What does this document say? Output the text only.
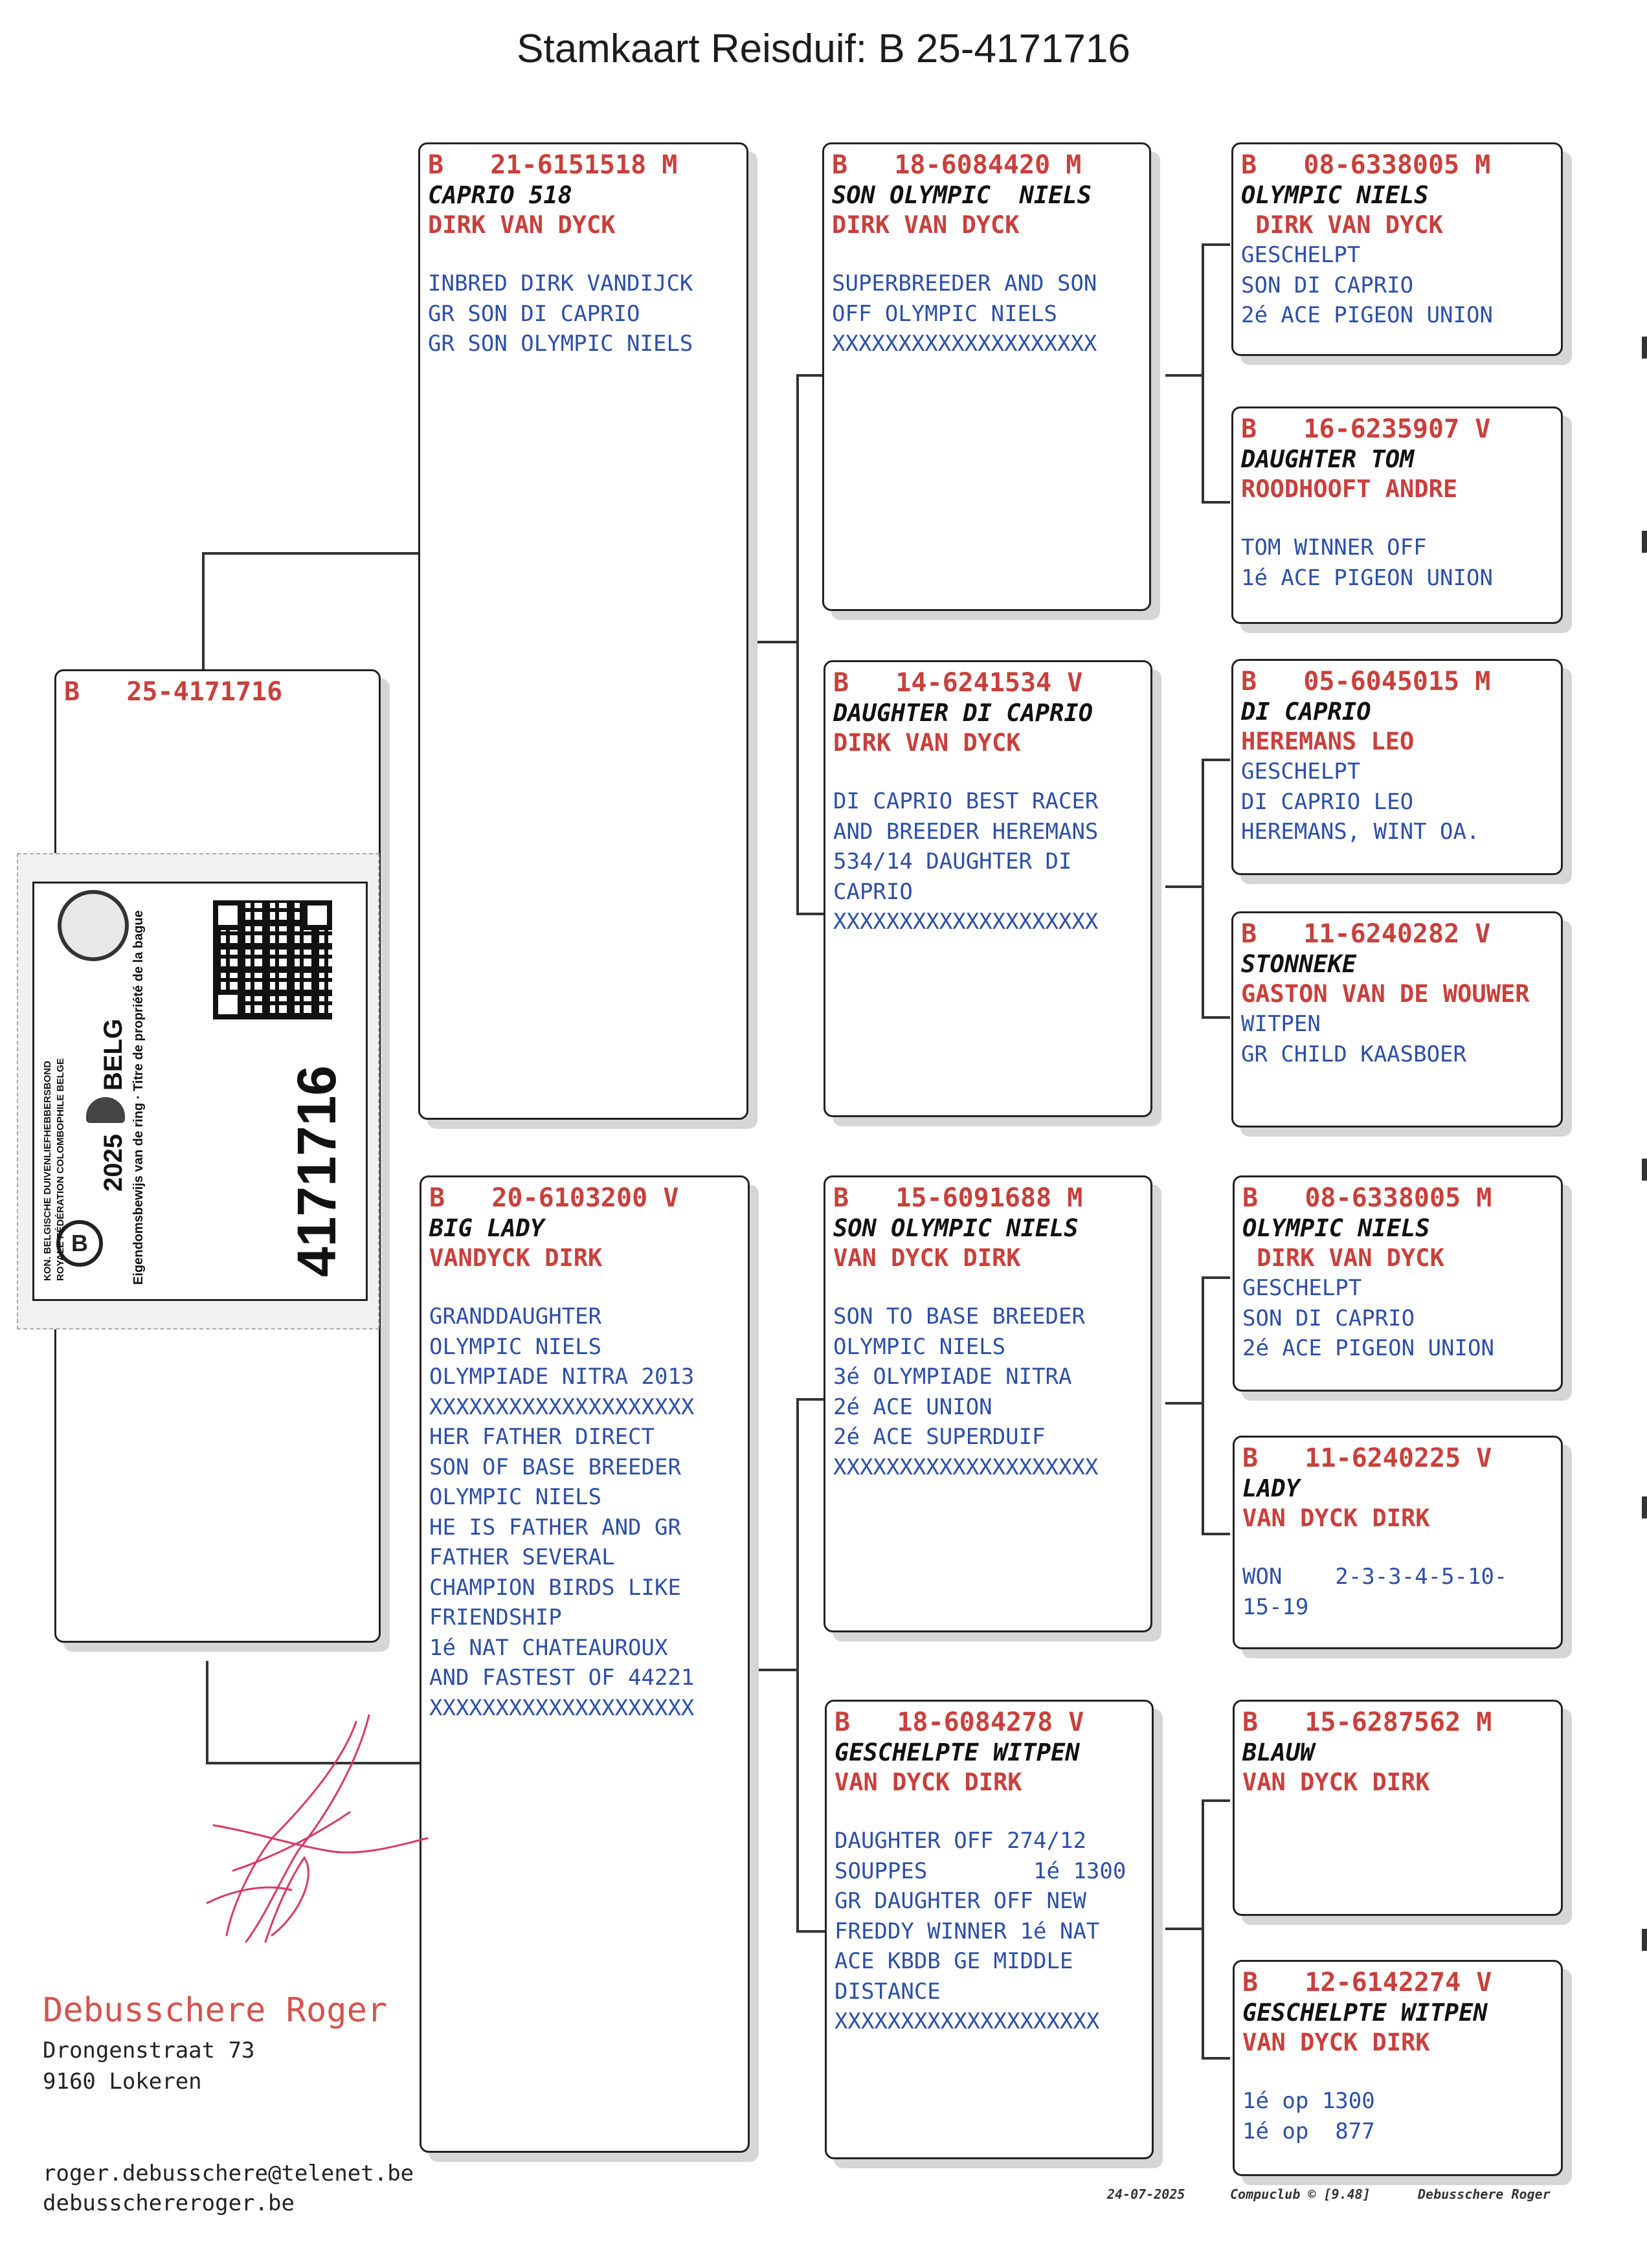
Stamkaart Reisduif: B 25-4171716
B   25-4171716
B
KON. BELGISCHE DUIVENLIEFHEBBERSBOND ROYALE FÉDÉRATION COLOMBOPHILE BELGE 2025
BELG Eigendomsbewijs van de ring · Titre de propriété de la bague	4171716
B   21-6151518 M
CAPRIO 518
DIRK VAN DYCK
INBRED DIRK VANDIJCK
GR SON DI CAPRIO
GR SON OLYMPIC NIELS
B   20-6103200 V
BIG LADY
VANDYCK DIRK
GRANDDAUGHTER
OLYMPIC NIELS
OLYMPIADE NITRA 2013
XXXXXXXXXXXXXXXXXXXX
HER FATHER DIRECT
SON OF BASE BREEDER
OLYMPIC NIELS
HE IS FATHER AND GR
FATHER SEVERAL
CHAMPION BIRDS LIKE
FRIENDSHIP
1é NAT CHATEAUROUX
AND FASTEST OF 44221
XXXXXXXXXXXXXXXXXXXX
B   18-6084420 M
SON OLYMPIC  NIELS
DIRK VAN DYCK
SUPERBREEDER AND SON
OFF OLYMPIC NIELS
XXXXXXXXXXXXXXXXXXXX
B   14-6241534 V
DAUGHTER DI CAPRIO
DIRK VAN DYCK
DI CAPRIO BEST RACER
AND BREEDER HEREMANS
534/14 DAUGHTER DI
CAPRIO
XXXXXXXXXXXXXXXXXXXX
B   15-6091688 M
SON OLYMPIC NIELS
VAN DYCK DIRK
SON TO BASE BREEDER
OLYMPIC NIELS
3é OLYMPIADE NITRA
2é ACE UNION
2é ACE SUPERDUIF
XXXXXXXXXXXXXXXXXXXX
B   18-6084278 V
GESCHELPTE WITPEN
VAN DYCK DIRK
DAUGHTER OFF 274/12
SOUPPES        1é 1300
GR DAUGHTER OFF NEW
FREDDY WINNER 1é NAT
ACE KBDB GE MIDDLE
DISTANCE
XXXXXXXXXXXXXXXXXXXX
B   08-6338005 M
OLYMPIC NIELS
DIRK VAN DYCK
GESCHELPT
SON DI CAPRIO
2é ACE PIGEON UNION
B   16-6235907 V
DAUGHTER TOM
ROODHOOFT ANDRE
TOM WINNER OFF
1é ACE PIGEON UNION
B   05-6045015 M
DI CAPRIO
HEREMANS LEO
GESCHELPT
DI CAPRIO LEO
HEREMANS, WINT OA.
B   11-6240282 V
STONNEKE
GASTON VAN DE WOUWER
WITPEN
GR CHILD KAASBOER
B   08-6338005 M
OLYMPIC NIELS
DIRK VAN DYCK
GESCHELPT
SON DI CAPRIO
2é ACE PIGEON UNION
B   11-6240225 V
LADY
VAN DYCK DIRK
WON    2-3-3-4-5-10-
15-19
B   15-6287562 M
BLAUW
VAN DYCK DIRK
B   12-6142274 V
GESCHELPTE WITPEN
VAN DYCK DIRK
1é op 1300
1é op  877
Debusschere Roger
Drongenstraat 73
9160 Lokeren
roger.debusschere@telenet.be
debusschereroger.be	24-07-2025	Compuclub © [9.48]	Debusschere Roger
